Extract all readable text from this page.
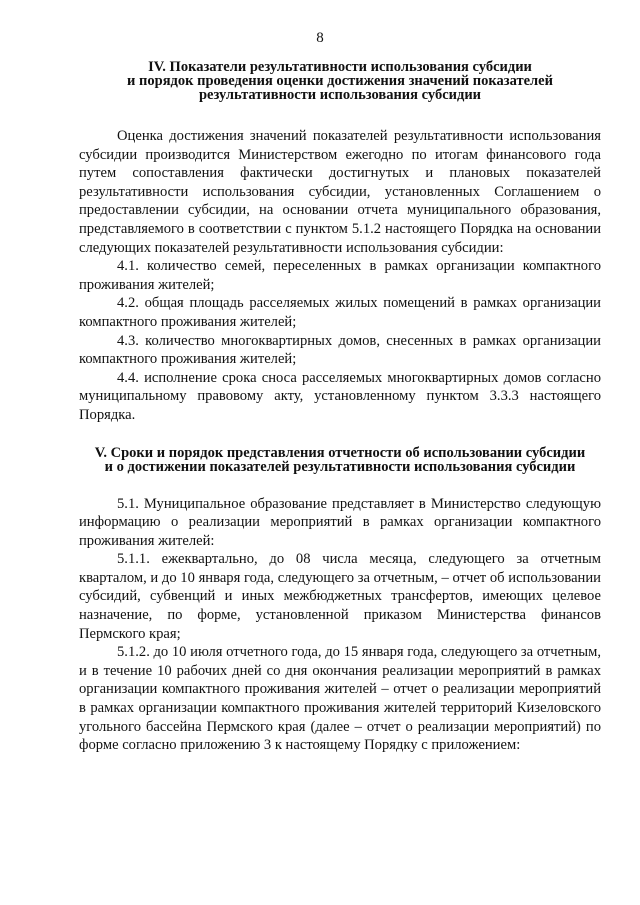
8
IV. Показатели результативности использования субсидии
и порядок проведения оценки достижения значений показателей
результативности использования субсидии

Оценка достижения значений показателей результативности использования субсидии производится Министерством ежегодно по итогам финансового года путем сопоставления фактически достигнутых и плановых показателей результативности использования субсидии, установленных Соглашением о предоставлении субсидии, на основании отчета муниципального образования, представляемого в соответствии с пунктом 5.1.2 настоящего Порядка на основании следующих показателей результативности использования субсидии:

4.1. количество семей, переселенных в рамках организации компактного проживания жителей;

4.2. общая площадь расселяемых жилых помещений в рамках организации компактного проживания жителей;

4.3. количество многоквартирных домов, снесенных в рамках организации компактного проживания жителей;

4.4. исполнение срока сноса расселяемых многоквартирных домов согласно муниципальному правовому акту, установленному пунктом 3.3.3 настоящего Порядка.

V. Сроки и порядок представления отчетности об использовании субсидии
и о достижении показателей результативности использования субсидии

5.1. Муниципальное образование представляет в Министерство следующую информацию о реализации мероприятий в рамках организации компактного проживания жителей:

5.1.1. ежеквартально, до 08 числа месяца, следующего за отчетным кварталом, и до 10 января года, следующего за отчетным, – отчет об использовании субсидий, субвенций и иных межбюджетных трансфертов, имеющих целевое назначение, по форме, установленной приказом Министерства финансов Пермского края;

5.1.2. до 10 июля отчетного года, до 15 января года, следующего за отчетным, и в течение 10 рабочих дней со дня окончания реализации мероприятий в рамках организации компактного проживания жителей – отчет о реализации мероприятий в рамках организации компактного проживания жителей территорий Кизеловского угольного бассейна Пермского края (далее – отчет о реализации мероприятий) по форме согласно приложению 3 к настоящему Порядку с приложением:
